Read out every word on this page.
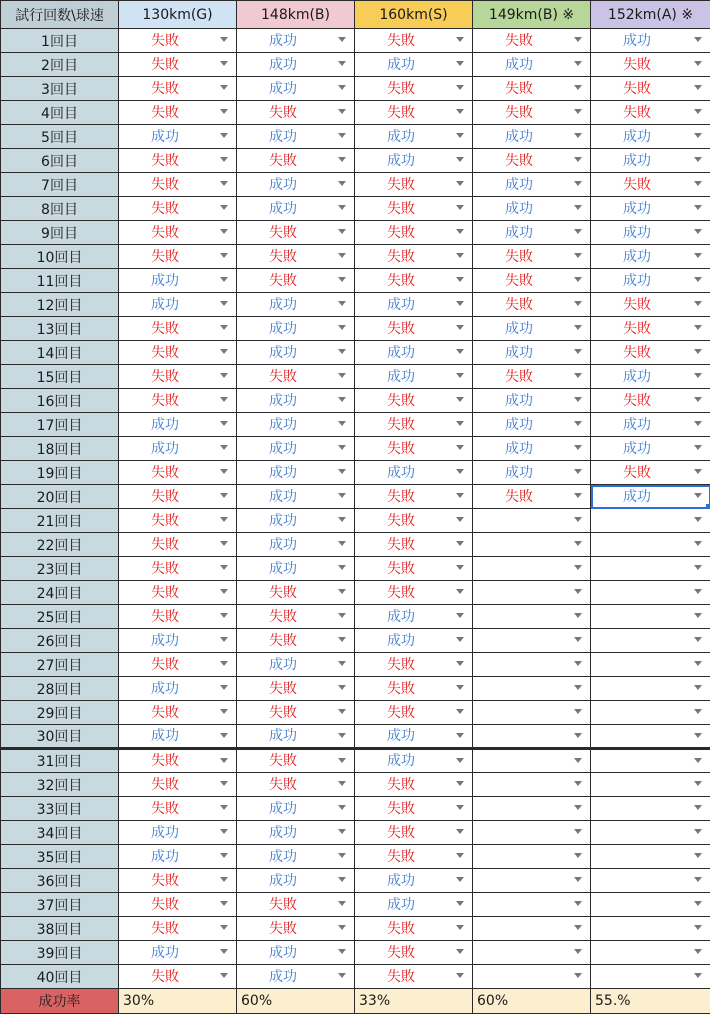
試行回数\球速	130km(G)	148km(B)	160km(S)	149km(B) ※	152km(A) ※
1回目	失敗	成功	失敗	失敗	成功

2回目	失敗	成功	成功	成功	失敗

3回目	失敗	成功	失敗	失敗	失敗

4回目	失敗	失敗	失敗	失敗	失敗

5回目	成功	成功	成功	成功	成功

6回目	失敗	失敗	成功	失敗	成功

7回目	失敗	成功	失敗	成功	失敗

8回目	失敗	成功	失敗	成功	成功

9回目	失敗	失敗	失敗	成功	成功

10回目	失敗	失敗	失敗	失敗	成功

11回目	成功	失敗	失敗	失敗	成功

12回目	成功	成功	成功	失敗	失敗

13回目	失敗	成功	失敗	成功	失敗

14回目	失敗	成功	成功	成功	失敗

15回目	失敗	失敗	成功	失敗	成功

16回目	失敗	成功	失敗	成功	失敗

17回目	成功	成功	失敗	成功	成功

18回目	成功	成功	失敗	成功	成功

19回目	失敗	成功	成功	成功	失敗

20回目	失敗	成功	失敗	失敗	成功

21回目	失敗	成功	失敗		

22回目	失敗	成功	失敗		

23回目	失敗	成功	失敗		

24回目	失敗	失敗	失敗		

25回目	失敗	失敗	成功		

26回目	成功	失敗	成功		

27回目	失敗	成功	失敗		

28回目	成功	失敗	失敗		

29回目	失敗	失敗	失敗		

30回目	成功	成功	成功		

31回目	失敗	失敗	成功		

32回目	失敗	失敗	失敗		

33回目	失敗	成功	失敗		

34回目	成功	成功	失敗		

35回目	成功	成功	失敗		

36回目	失敗	成功	成功		

37回目	失敗	失敗	成功		

38回目	失敗	失敗	失敗		

39回目	成功	成功	失敗		

40回目	失敗	成功	失敗		

成功率	30%	60%	33%	60%	55.%
